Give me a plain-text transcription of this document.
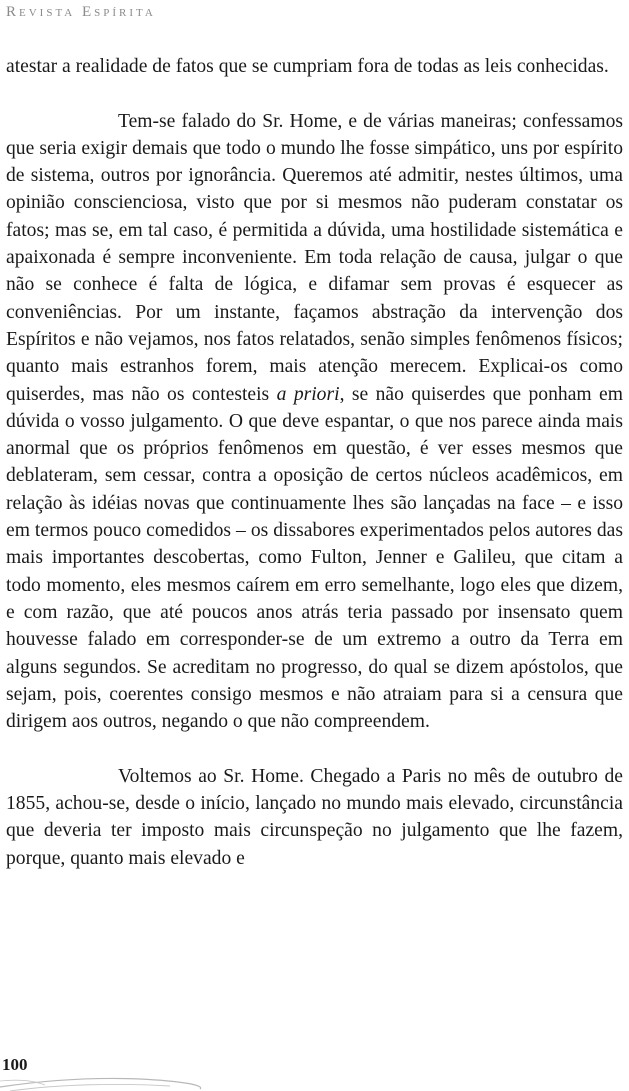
Revista Espírita

atestar a realidade de fatos que se cumpriam fora de todas as leis conhecidas.

Tem-se falado do Sr. Home, e de várias maneiras; confessamos que seria exigir demais que todo o mundo lhe fosse simpático, uns por espírito de sistema, outros por ignorância. Queremos até admitir, nestes últimos, uma opinião conscienciosa, visto que por si mesmos não puderam constatar os fatos; mas se, em tal caso, é permitida a dúvida, uma hostilidade sistemática e apaixonada é sempre inconveniente. Em toda relação de causa, julgar o que não se conhece é falta de lógica, e difamar sem provas é esquecer as conveniências. Por um instante, façamos abstração da intervenção dos Espíritos e não vejamos, nos fatos relatados, senão simples fenômenos físicos; quanto mais estranhos forem, mais atenção merecem. Explicai-os como quiserdes, mas não os contesteis a priori, se não quiserdes que ponham em dúvida o vosso julgamento. O que deve espantar, o que nos parece ainda mais anormal que os próprios fenômenos em questão, é ver esses mesmos que deblateram, sem cessar, contra a oposição de certos núcleos acadêmicos, em relação às idéias novas que continuamente lhes são lançadas na face – e isso em termos pouco comedidos – os dissabores experimentados pelos autores das mais importantes descobertas, como Fulton, Jenner e Galileu, que citam a todo momento, eles mesmos caírem em erro semelhante, logo eles que dizem, e com razão, que até poucos anos atrás teria passado por insensato quem houvesse falado em corresponder-se de um extremo a outro da Terra em alguns segundos. Se acreditam no progresso, do qual se dizem apóstolos, que sejam, pois, coerentes consigo mesmos e não atraiam para si a censura que dirigem aos outros, negando o que não compreendem.

Voltemos ao Sr. Home. Chegado a Paris no mês de outubro de 1855, achou-se, desde o início, lançado no mundo mais elevado, circunstância que deveria ter imposto mais circunspeção no julgamento que lhe fazem, porque, quanto mais elevado e

100
